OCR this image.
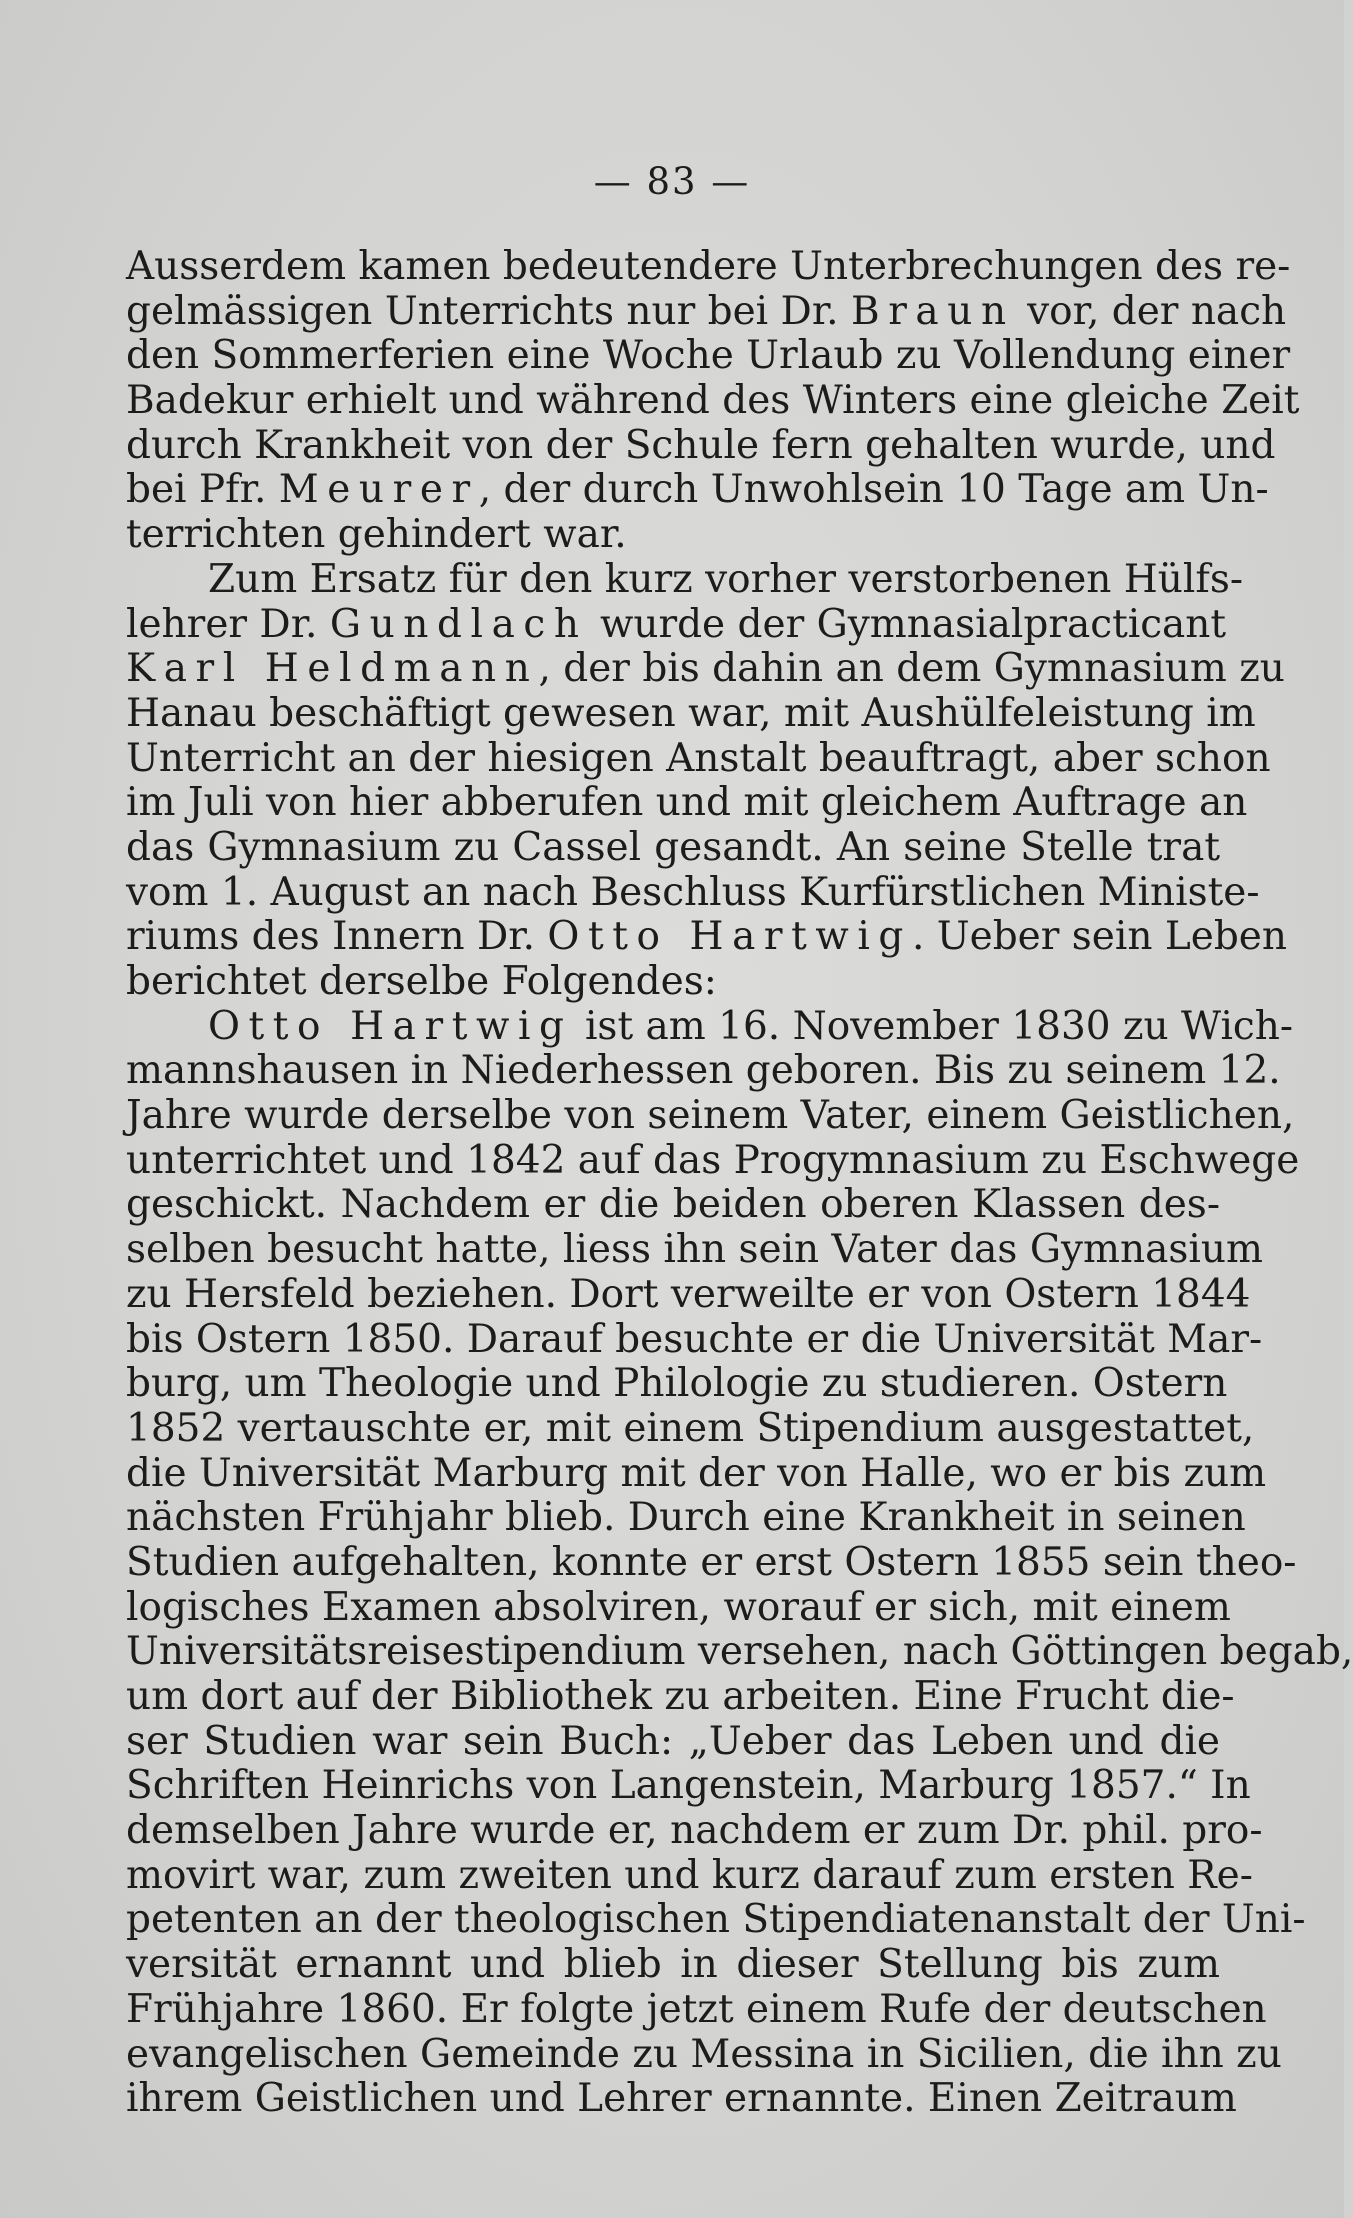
— 83 —
Ausserdem kamen bedeutendere Unterbrechungen des re-
gelmässigen Unterrichts nur bei Dr. Braun vor, der nach
den Sommerferien eine Woche Urlaub zu Vollendung einer
Badekur erhielt und während des Winters eine gleiche Zeit
durch Krankheit von der Schule fern gehalten wurde, und
bei Pfr. Meurer, der durch Unwohlsein 10 Tage am Un-
terrichten gehindert war.
Zum Ersatz für den kurz vorher verstorbenen Hülfs-
lehrer Dr. Gundlach wurde der Gymnasialpracticant
Karl Heldmann, der bis dahin an dem Gymnasium zu
Hanau beschäftigt gewesen war, mit Aushülfeleistung im
Unterricht an der hiesigen Anstalt beauftragt, aber schon
im Juli von hier abberufen und mit gleichem Auftrage an
das Gymnasium zu Cassel gesandt. An seine Stelle trat
vom 1. August an nach Beschluss Kurfürstlichen Ministe-
riums des Innern Dr. Otto Hartwig. Ueber sein Leben
berichtet derselbe Folgendes:
Otto Hartwig ist am 16. November 1830 zu Wich-
mannshausen in Niederhessen geboren. Bis zu seinem 12.
Jahre wurde derselbe von seinem Vater, einem Geistlichen,
unterrichtet und 1842 auf das Progymnasium zu Eschwege
geschickt. Nachdem er die beiden oberen Klassen des-
selben besucht hatte, liess ihn sein Vater das Gymnasium
zu Hersfeld beziehen. Dort verweilte er von Ostern 1844
bis Ostern 1850. Darauf besuchte er die Universität Mar-
burg, um Theologie und Philologie zu studieren. Ostern
1852 vertauschte er, mit einem Stipendium ausgestattet,
die Universität Marburg mit der von Halle, wo er bis zum
nächsten Frühjahr blieb. Durch eine Krankheit in seinen
Studien aufgehalten, konnte er erst Ostern 1855 sein theo-
logisches Examen absolviren, worauf er sich, mit einem
Universitätsreisestipendium versehen, nach Göttingen begab,
um dort auf der Bibliothek zu arbeiten. Eine Frucht die-
ser Studien war sein Buch: „Ueber das Leben und die
Schriften Heinrichs von Langenstein, Marburg 1857.“ In
demselben Jahre wurde er, nachdem er zum Dr. phil. pro-
movirt war, zum zweiten und kurz darauf zum ersten Re-
petenten an der theologischen Stipendiatenanstalt der Uni-
versität ernannt und blieb in dieser Stellung bis zum
Frühjahre 1860. Er folgte jetzt einem Rufe der deutschen
evangelischen Gemeinde zu Messina in Sicilien, die ihn zu
ihrem Geistlichen und Lehrer ernannte. Einen Zeitraum
